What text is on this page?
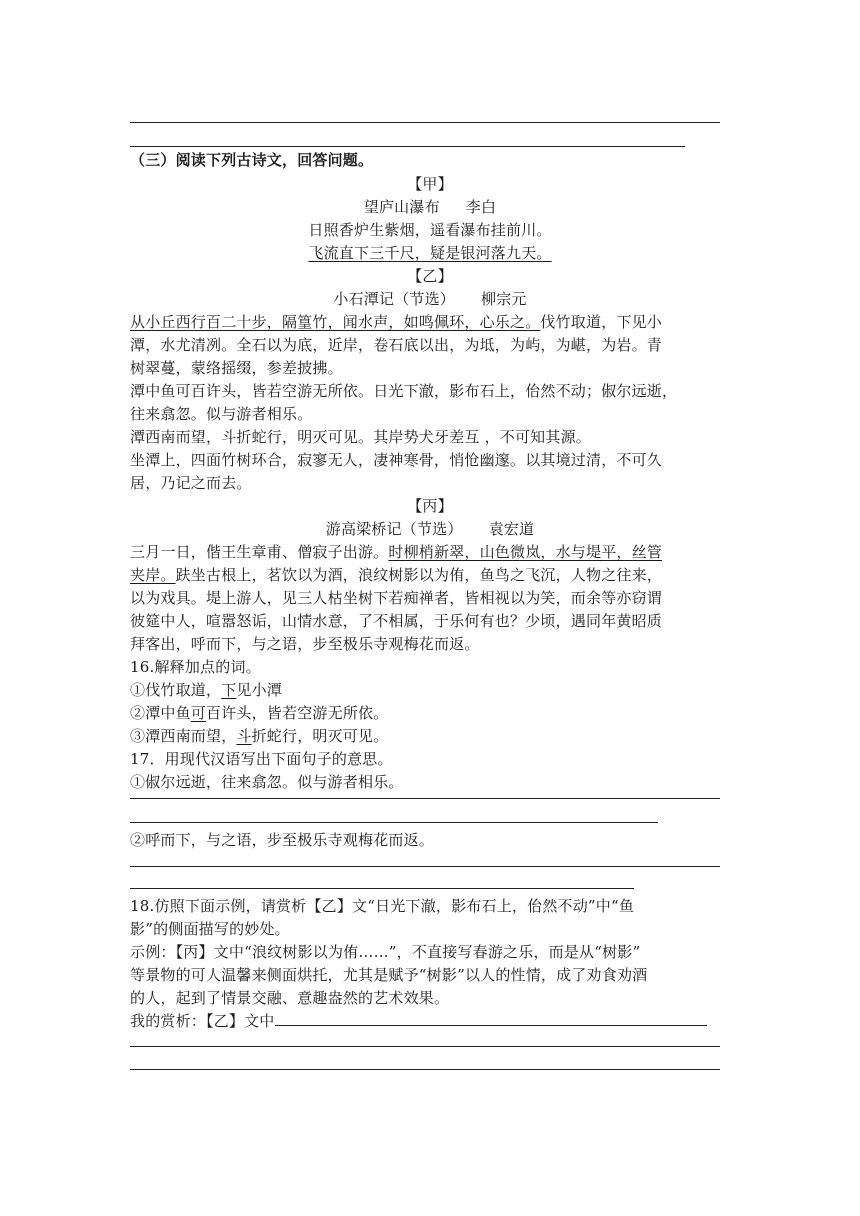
（三）阅读下列古诗文，回答问题。
【甲】
望庐山瀑布 李白
日照香炉生紫烟，遥看瀑布挂前川。
飞流直下三千尺，疑是银河落九天。
【乙】
小石潭记（节选） 柳宗元
从小丘西行百二十步，隔篁竹，闻水声，如鸣佩环，心乐之。伐竹取道，下见小
潭，水尤清冽。全石以为底，近岸，卷石底以出，为坻，为屿，为嵁，为岩。青
树翠蔓，蒙络摇缀，参差披拂。
潭中鱼可百许头，皆若空游无所依。日光下澈，影布石上，佁然不动；俶尔远逝，
往来翕忽。似与游者相乐。
潭西南而望，斗折蛇行，明灭可见。其岸势犬牙差互 ，不可知其源。
坐潭上，四面竹树环合，寂寥无人，凄神寒骨，悄怆幽邃。以其境过清，不可久
居，乃记之而去。
【丙】
游高梁桥记（节选） 袁宏道
三月一日，偕王生章甫、僧寂子出游。时柳梢新翠，山色微岚，水与堤平，丝管
夹岸。趺坐古根上，茗饮以为酒，浪纹树影以为侑，鱼鸟之飞沉，人物之往来，
以为戏具。堤上游人，见三人枯坐树下若痴禅者，皆相视以为笑，而余等亦窃谓
彼筵中人，喧嚣怒诟，山情水意，了不相属，于乐何有也？少顷，遇同年黄昭质
拜客出，呼而下，与之语，步至极乐寺观梅花而返。
16.解释加点的词。
①伐竹取道，下见小潭
②潭中鱼可百许头，皆若空游无所依。
③潭西南而望，斗折蛇行，明灭可见。
17．用现代汉语写出下面句子的意思。
①俶尔远逝，往来翕忽。似与游者相乐。
②呼而下，与之语，步至极乐寺观梅花而返。
18.仿照下面示例，请赏析【乙】文“日光下澈，影布石上，佁然不动”中“鱼
影”的侧面描写的妙处。
示例：【丙】文中“浪纹树影以为侑……”，不直接写春游之乐，而是从“树影”
等景物的可人温馨来侧面烘托，尤其是赋予“树影”以人的性情，成了劝食劝酒
的人，起到了情景交融、意趣盎然的艺术效果。
我的赏析：【乙】文中
